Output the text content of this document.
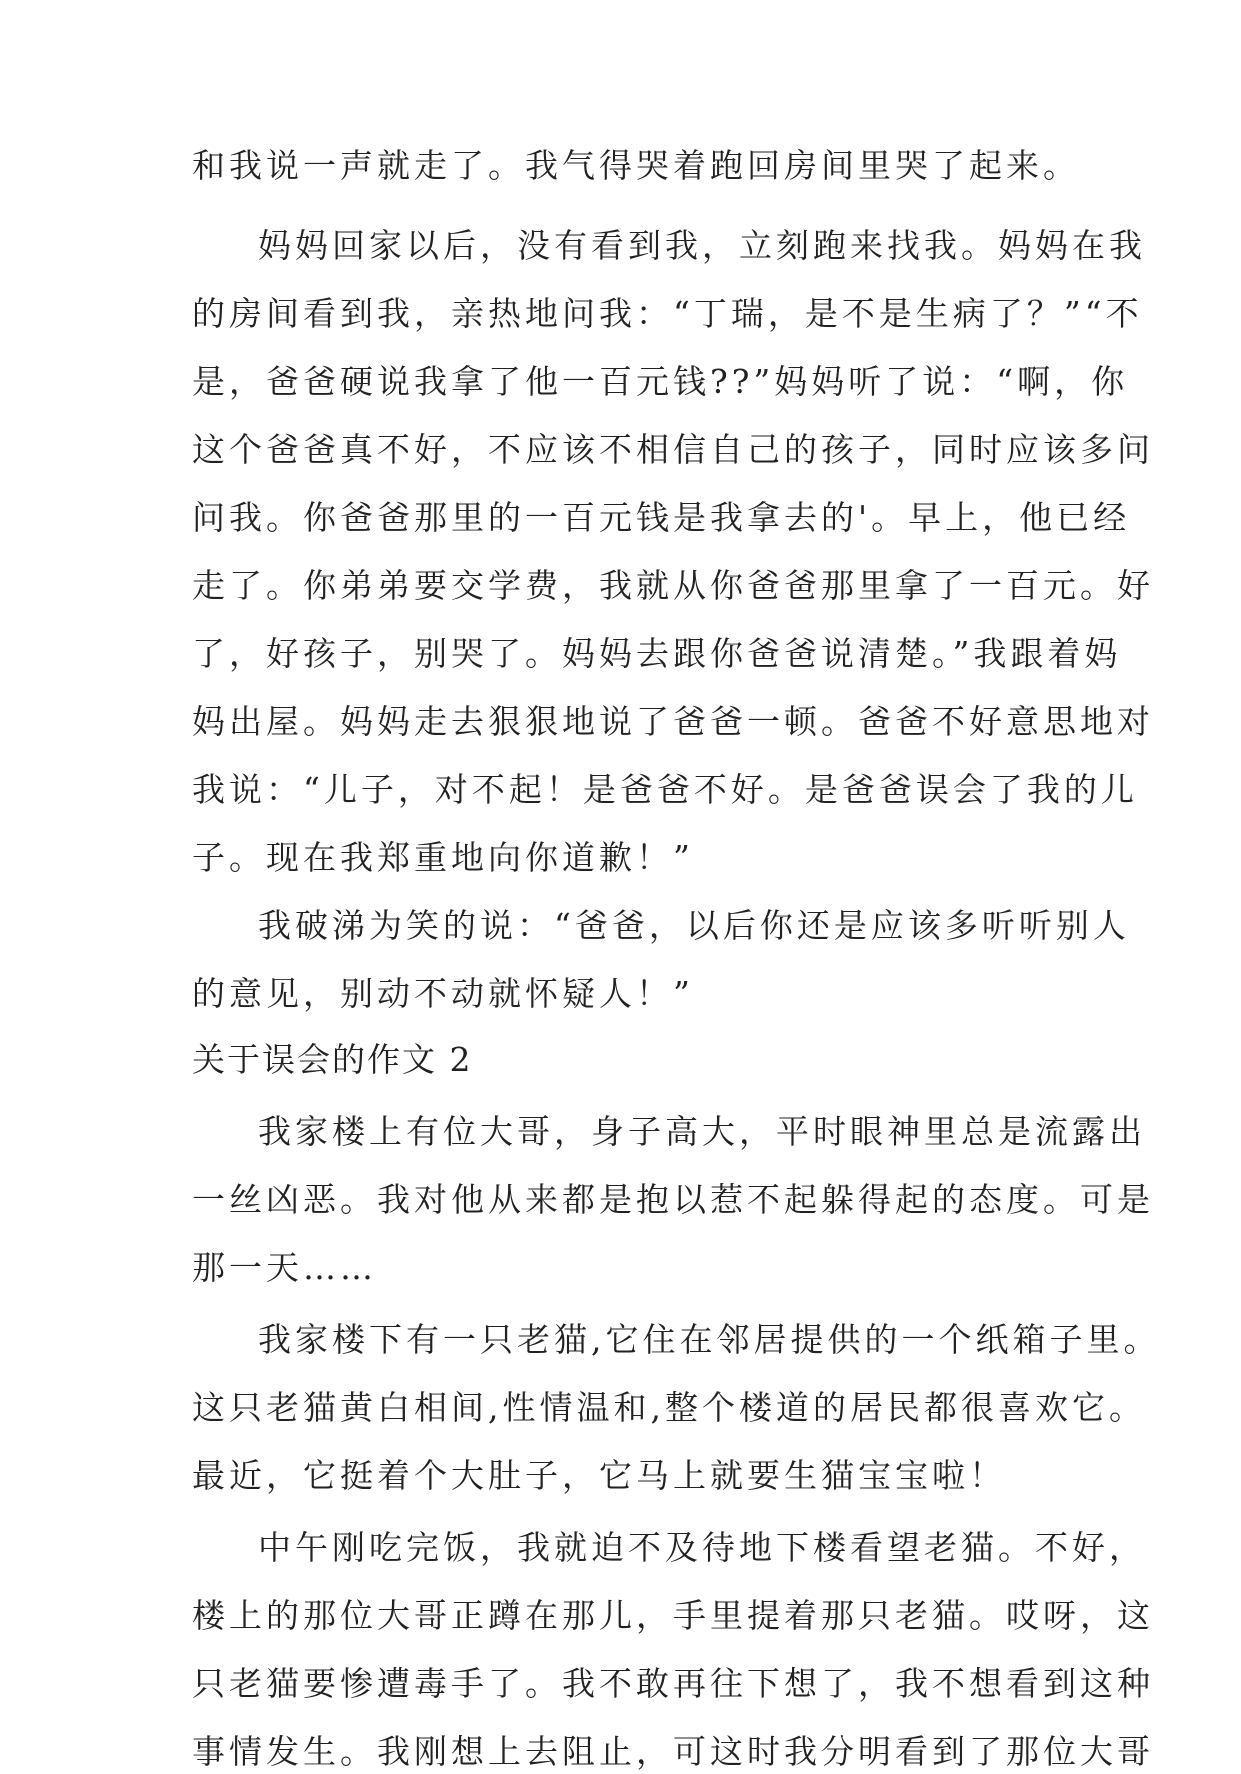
和我说一声就走了。我气得哭着跑回房间里哭了起来。
妈妈回家以后，没有看到我，立刻跑来找我。妈妈在我
的房间看到我，亲热地问我：“丁瑞，是不是生病了？”“不
是，爸爸硬说我拿了他一百元钱??”妈妈听了说：“啊，你
这个爸爸真不好，不应该不相信自己的孩子，同时应该多问
问我。你爸爸那里的一百元钱是我拿去的'。早上，他已经
走了。你弟弟要交学费，我就从你爸爸那里拿了一百元。好
了，好孩子，别哭了。妈妈去跟你爸爸说清楚。”我跟着妈
妈出屋。妈妈走去狠狠地说了爸爸一顿。爸爸不好意思地对
我说：“儿子，对不起！是爸爸不好。是爸爸误会了我的儿
子。现在我郑重地向你道歉！”
我破涕为笑的说：“爸爸，以后你还是应该多听听别人
的意见，别动不动就怀疑人！”
关于误会的作文 2
我家楼上有位大哥，身子高大，平时眼神里总是流露出
一丝凶恶。我对他从来都是抱以惹不起躲得起的态度。可是
那一天……
我家楼下有一只老猫,它住在邻居提供的一个纸箱子里。
这只老猫黄白相间,性情温和,整个楼道的居民都很喜欢它。
最近，它挺着个大肚子，它马上就要生猫宝宝啦！
中午刚吃完饭，我就迫不及待地下楼看望老猫。不好，
楼上的那位大哥正蹲在那儿，手里提着那只老猫。哎呀，这
只老猫要惨遭毒手了。我不敢再往下想了，我不想看到这种
事情发生。我刚想上去阻止，可这时我分明看到了那位大哥
